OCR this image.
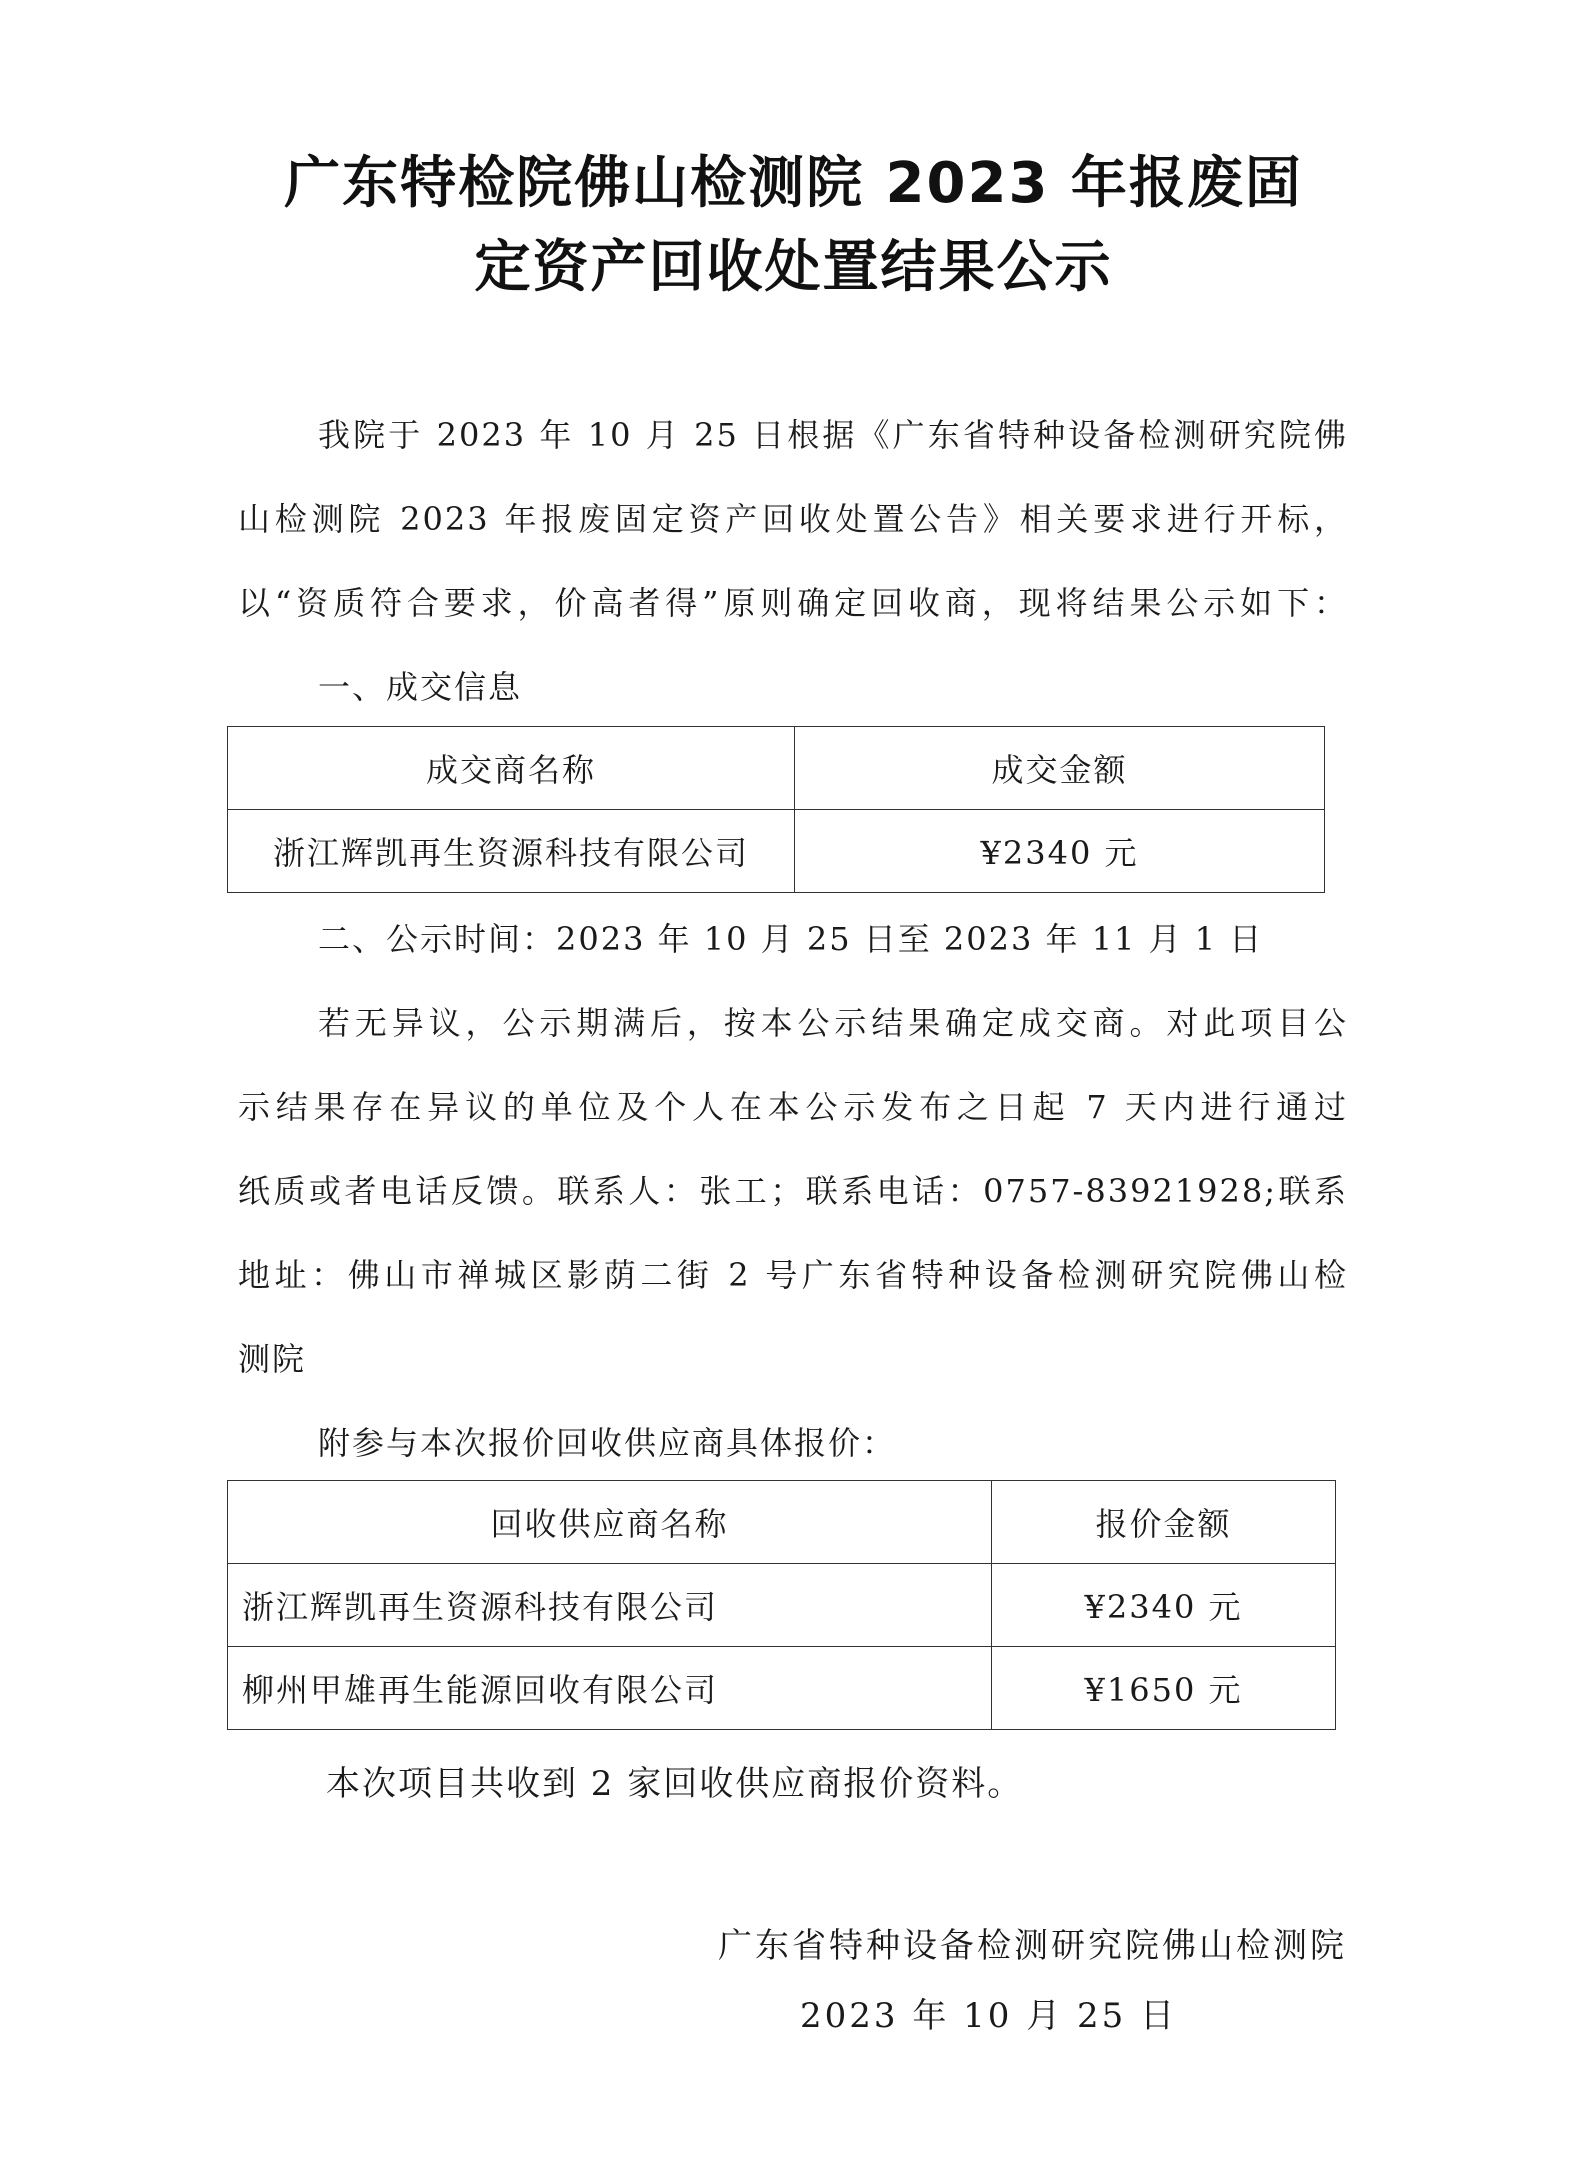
广东特检院佛山检测院 2023 年报废固
定资产回收处置结果公示
我院于 2023 年 10 月 25 日根据《广东省特种设备检测研究院佛
山检测院 2023 年报废固定资产回收处置公告》相关要求进行开标，
以“资质符合要求，价高者得”原则确定回收商，现将结果公示如下：
一、成交信息
成交商名称	成交金额
浙江辉凯再生资源科技有限公司	¥2340 元
二、公示时间：2023 年 10 月 25 日至 2023 年 11 月 1 日
若无异议，公示期满后，按本公示结果确定成交商。对此项目公
示结果存在异议的单位及个人在本公示发布之日起 7 天内进行通过
纸质或者电话反馈。联系人：张工；联系电话：0757-83921928;联系
地址：佛山市禅城区影荫二街 2 号广东省特种设备检测研究院佛山检
测院
附参与本次报价回收供应商具体报价：
回收供应商名称	报价金额
浙江辉凯再生资源科技有限公司	¥2340 元
柳州甲雄再生能源回收有限公司	¥1650 元
本次项目共收到 2 家回收供应商报价资料。
广东省特种设备检测研究院佛山检测院
2023 年 10 月 25 日
